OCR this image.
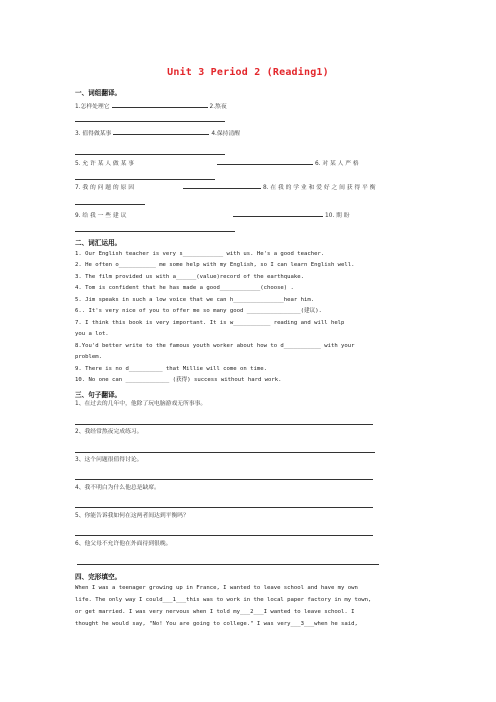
Unit 3 Period 2 (Reading1)
一、词组翻译。
1.怎样处理它	2.熬夜
3. 值得做某事	4.保持清醒
5. 允 许 某 人 做 某 事	6. 对 某 人 严 格
7. 我 的 问 题 的 原 因	8. 在 我 的 学 业 和 爱 好 之 间 获 得 平 衡
9. 给 我 一 些 建 议	10. 期 盼
二、词汇运用。
1. Our English teacher is very s____________ with us. He's a good teacher.
2. He often o___________ me some help with my English, so I can learn English well.
3. The film provided us with a______(value)record of the earthquake.
4. Tom is confident that he has made a good____________(choose) .
5. Jim speaks in such a low voice that we can h_______________hear him.
6.. It's very nice of you to offer me so many good ________________(建议).
7. I think this book is very important. It is w___________ reading and will help
you a lot.
8.You'd better write to the famous youth worker about how to d___________ with your
problem.
9. There is no d__________ that Millie will come on time.
10. No one can _____________ (获得) success without hard work.
三、句子翻译。
1、在过去的几年中，他除了玩电脑游戏无所事事。
2、我经常熬夜完成练习。
3、这个问题很值得讨论。
4、我不明白为什么他总是缺席。
5、你能告诉我如何在这两者间达到平衡吗？
6、他父母不允许他在外面待到很晚。
四、完形填空。
When I was a teenager growing up in France, I wanted to leave school and have my own
life. The only way I could___1___this was to work in the local paper factory in my town,
or get married. I was very nervous when I told my___2___I wanted to leave school. I
thought he would say, "No! You are going to college." I was very___3___when he said,
